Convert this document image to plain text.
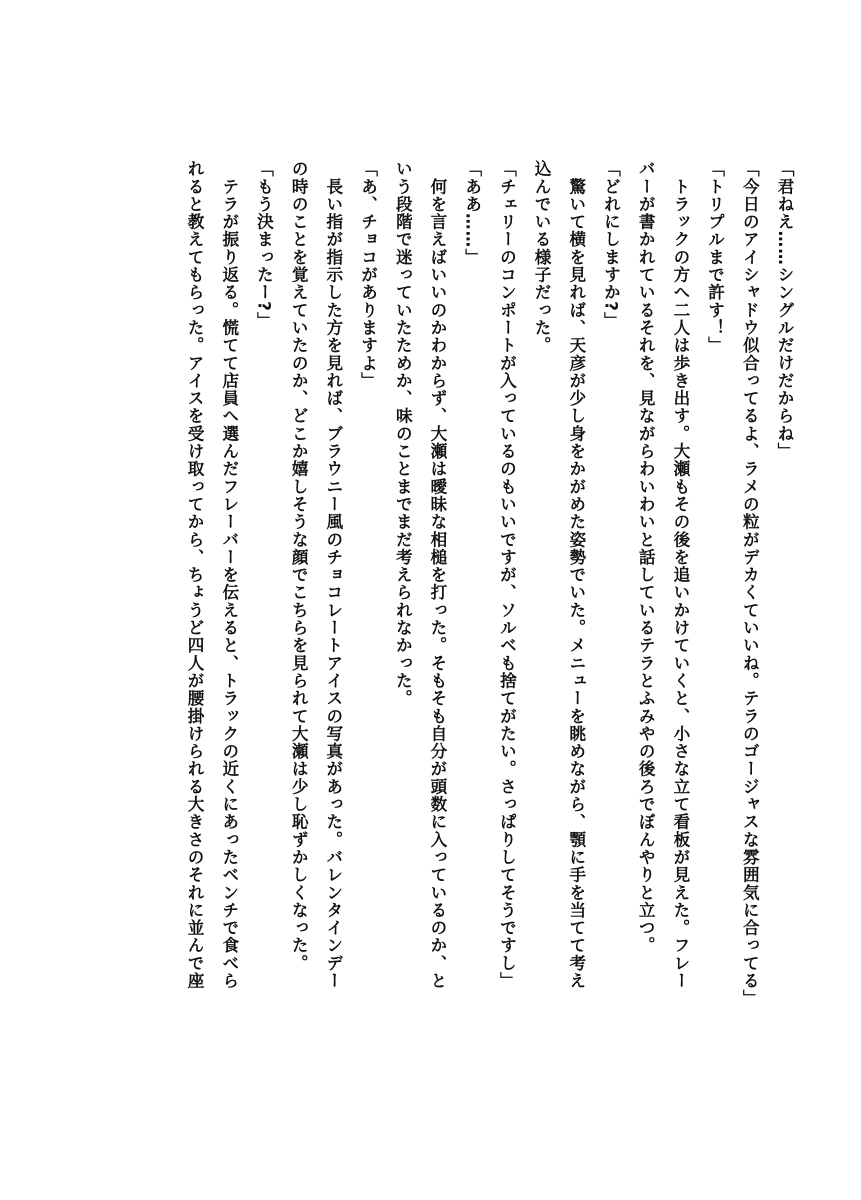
「君ねえ……シングルだけだからね」

「今日のアイシャドウ似合ってるよ、ラメの粒がデカくていいね。テラのゴージャスな雰囲気に合ってる」

「トリプルまで許す！」

　トラックの方へ二人は歩き出す。大瀬もその後を追いかけていくと、小さな立て看板が見えた。フレー

バーが書かれているそれを、見ながらわいわいと話しているテラとふみやの後ろでぼんやりと立つ。

「どれにしますか?」

　驚いて横を見れば、天彦が少し身をかがめた姿勢でいた。メニューを眺めながら、顎に手を当てて考え

込んでいる様子だった。

「チェリーのコンポートが入っているのもいいですが、ソルベも捨てがたい。さっぱりしてそうですし」

「ああ……」

　何を言えばいいのかわからず、大瀬は曖昧な相槌を打った。そもそも自分が頭数に入っているのか、と

いう段階で迷っていたためか、味のことまでまだ考えられなかった。

「あ、チョコがありますよ」

　長い指が指示した方を見れば、ブラウニー風のチョコレートアイスの写真があった。バレンタインデー

の時のことを覚えていたのか、どこか嬉しそうな顔でこちらを見られて大瀬は少し恥ずかしくなった。

「もう決まったー?」

　テラが振り返る。慌てて店員へ選んだフレーバーを伝えると、トラックの近くにあったベンチで食べら

れると教えてもらった。アイスを受け取ってから、ちょうど四人が腰掛けられる大きさのそれに並んで座
